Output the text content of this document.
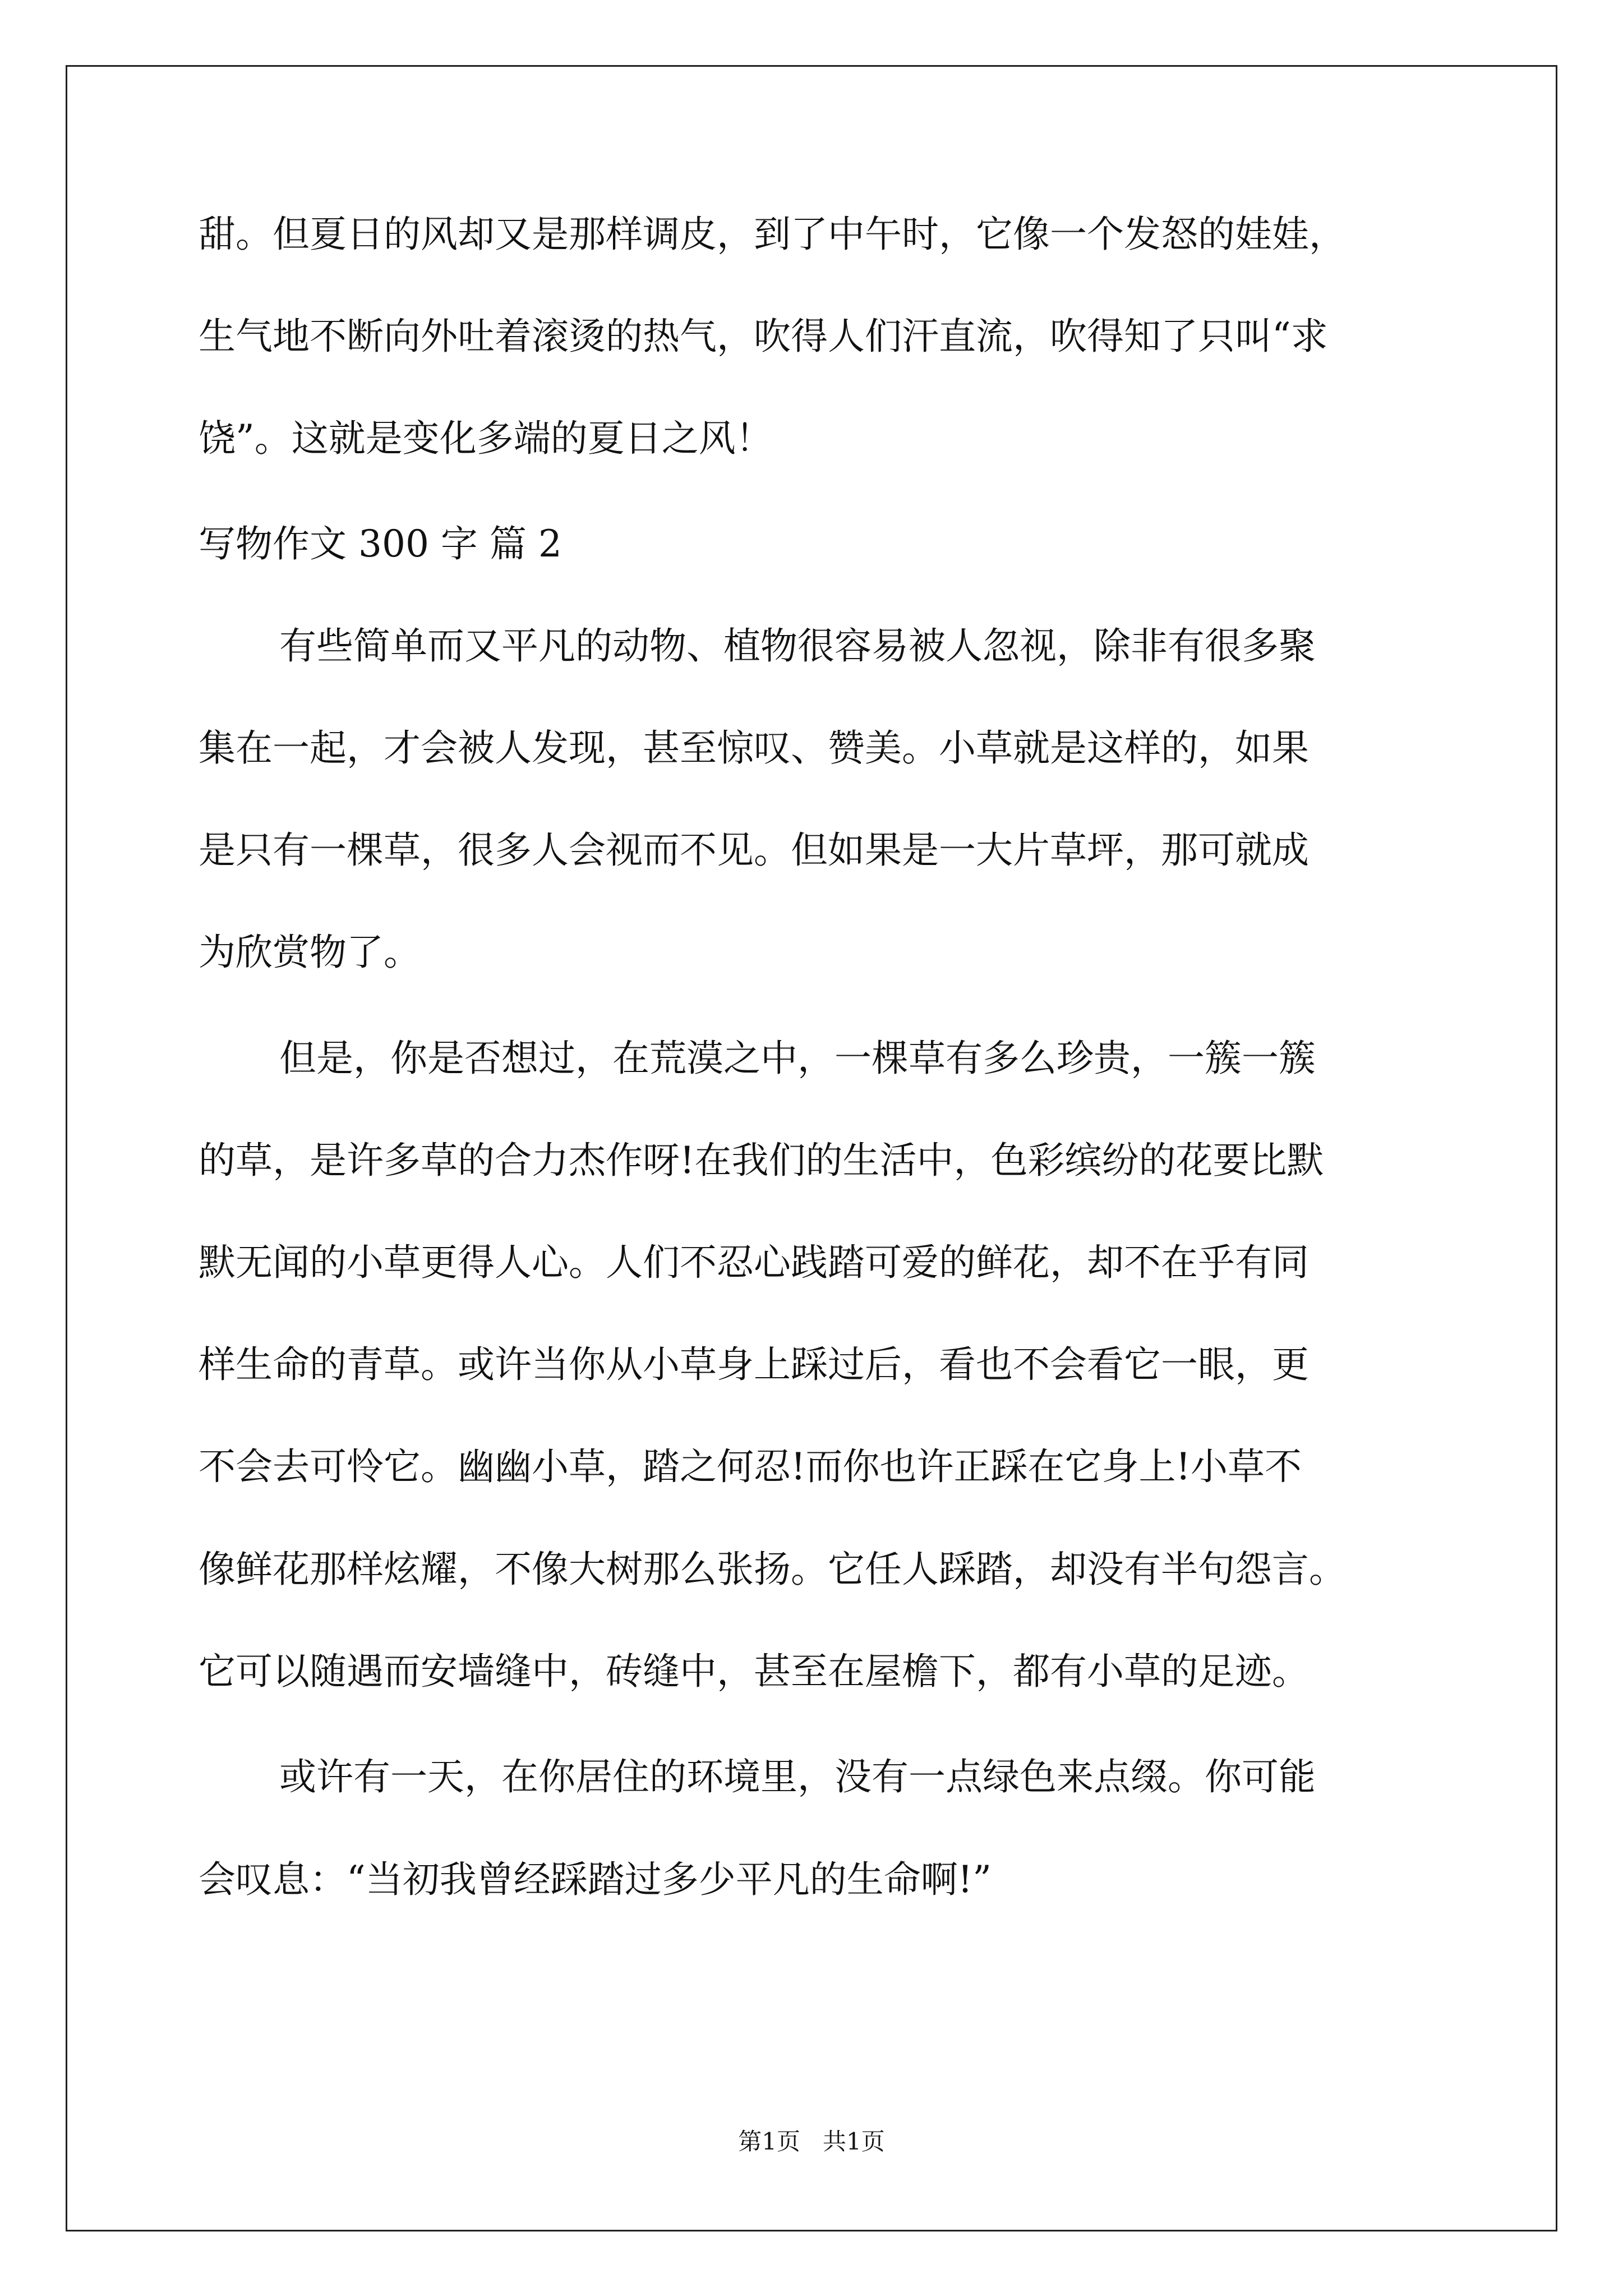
甜。但夏日的风却又是那样调皮，到了中午时，它像一个发怒的娃娃，
生气地不断向外吐着滚烫的热气，吹得人们汗直流，吹得知了只叫“求
饶”。这就是变化多端的夏日之风！
写物作文 300 字 篇 2
有些简单而又平凡的动物、植物很容易被人忽视，除非有很多聚
集在一起，才会被人发现，甚至惊叹、赞美。小草就是这样的，如果
是只有一棵草，很多人会视而不见。但如果是一大片草坪，那可就成
为欣赏物了。
但是，你是否想过，在荒漠之中，一棵草有多么珍贵，一簇一簇
的草，是许多草的合力杰作呀!在我们的生活中，色彩缤纷的花要比默
默无闻的小草更得人心。人们不忍心践踏可爱的鲜花，却不在乎有同
样生命的青草。或许当你从小草身上踩过后，看也不会看它一眼，更
不会去可怜它。幽幽小草，踏之何忍!而你也许正踩在它身上!小草不
像鲜花那样炫耀，不像大树那么张扬。它任人踩踏，却没有半句怨言。
它可以随遇而安墙缝中，砖缝中，甚至在屋檐下，都有小草的足迹。
或许有一天，在你居住的环境里，没有一点绿色来点缀。你可能
会叹息：“当初我曾经踩踏过多少平凡的生命啊!”
第1页   共1页
